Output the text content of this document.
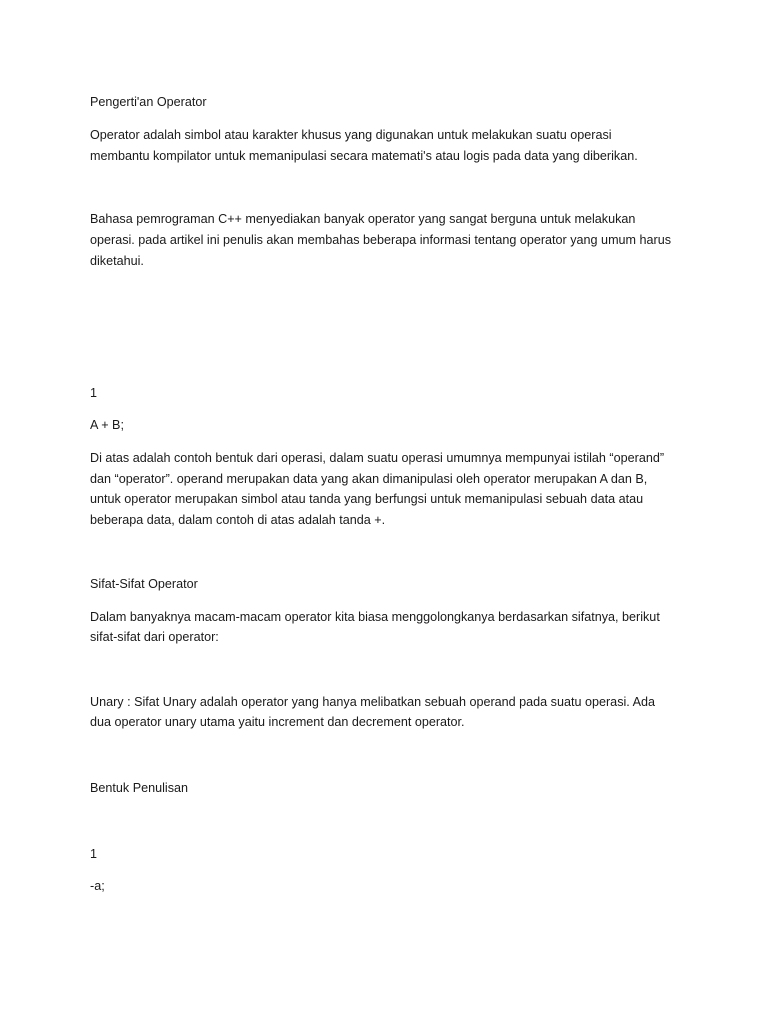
Pengerti'an Operator
Operator adalah simbol atau karakter khusus yang digunakan untuk melakukan suatu operasi
membantu kompilator untuk memanipulasi secara matemati's atau logis pada data yang diberikan.
Bahasa pemrograman C++ menyediakan banyak operator yang sangat berguna untuk melakukan
operasi. pada artikel ini penulis akan membahas beberapa informasi tentang operator yang umum harus
diketahui.
1
A + B;
Di atas adalah contoh bentuk dari operasi, dalam suatu operasi umumnya mempunyai istilah “operand”
dan “operator”. operand merupakan data yang akan dimanipulasi oleh operator merupakan A dan B,
untuk operator merupakan simbol atau tanda yang berfungsi untuk memanipulasi sebuah data atau
beberapa data, dalam contoh di atas adalah tanda +.
Sifat-Sifat Operator
Dalam banyaknya macam-macam operator kita biasa menggolongkanya berdasarkan sifatnya, berikut
sifat-sifat dari operator:
Unary : Sifat Unary adalah operator yang hanya melibatkan sebuah operand pada suatu operasi. Ada
dua operator unary utama yaitu increment dan decrement operator.
Bentuk Penulisan
1
-a;
